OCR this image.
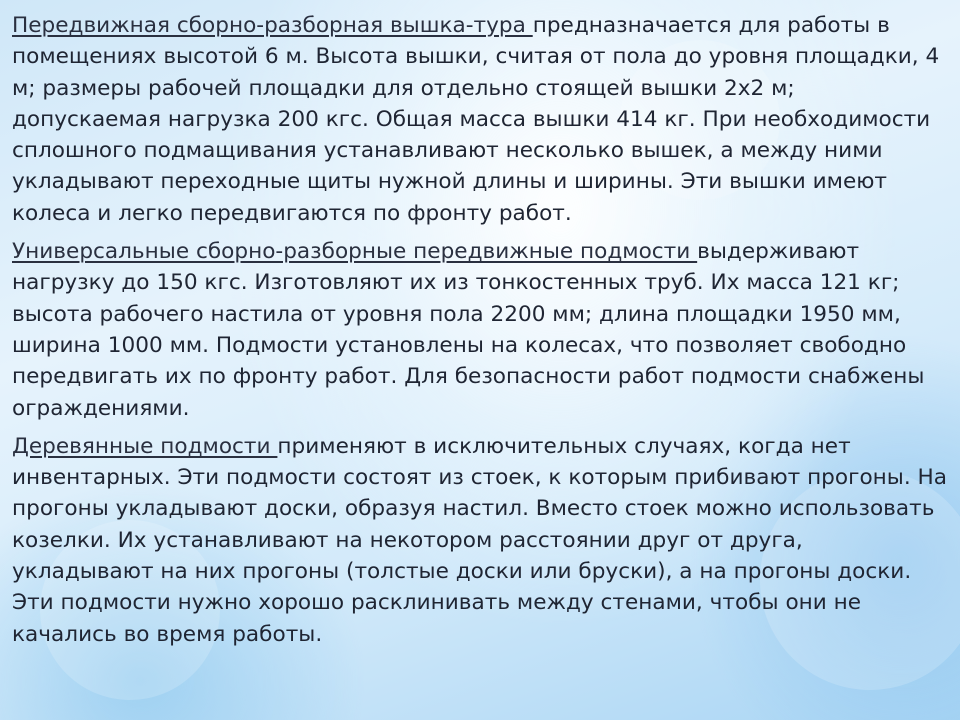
Передвижная сборно-разборная вышка-тура предназначается для работы в помещениях высотой 6 м. Высота вышки, считая от пола до уровня площадки, 4 м; размеры рабочей площадки для отдельно стоящей вышки 2х2 м; допускаемая нагрузка 200 кгс. Общая масса вышки 414 кг. При необходимости сплошного подмащивания устанавливают несколько вышек, а между ними укладывают переходные щиты нужной длины и ширины. Эти вышки имеют колеса и легко передвигаются по фронту работ.

Универсальные сборно-разборные передвижные подмости выдерживают нагрузку до 150 кгс. Изготовляют их из тонкостенных труб. Их масса 121 кг; высота рабочего настила от уровня пола 2200 мм; длина площадки 1950 мм, ширина 1000 мм. Подмости установлены на колесах, что позволяет свободно передвигать их по фронту работ. Для безопасности работ подмости снабжены ограждениями.

Деревянные подмости применяют в исключительных случаях, когда нет инвентарных. Эти подмости состоят из стоек, к которым прибивают прогоны. На прогоны укладывают доски, образуя настил. Вместо стоек можно использовать козелки. Их устанавливают на некотором расстоянии друг от друга, укладывают на них прогоны (толстые доски или бруски), а на прогоны доски. Эти подмости нужно хорошо расклинивать между стенами, чтобы они не качались во время работы.
